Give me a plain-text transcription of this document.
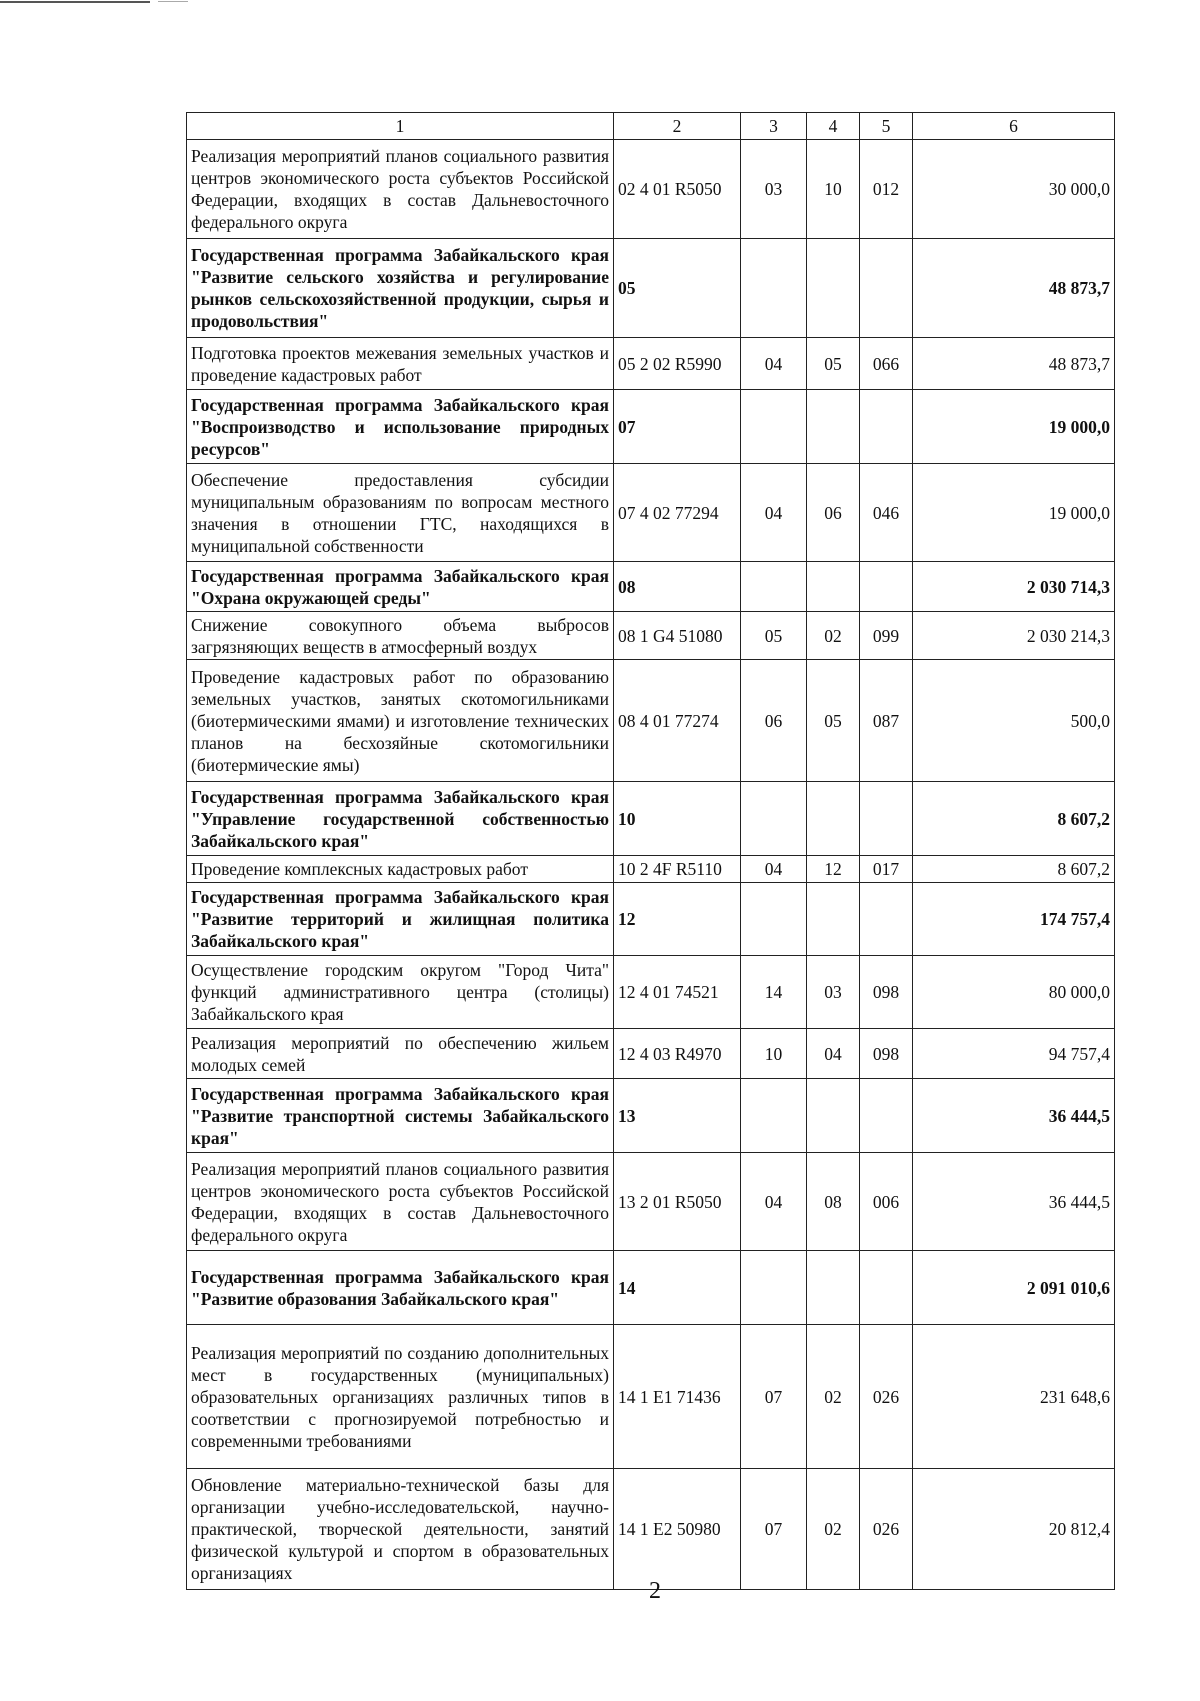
1	2	3	4	5	6
Реализация мероприятий планов социального развития центров экономического роста субъектов Российской Федерации, входящих в состав Дальневосточного федерального округа	02 4 01 R5050	03	10	012	30 000,0
Государственная программа Забайкальского края "Развитие сельского хозяйства и регулирование рынков сельскохозяйственной продукции, сырья и продовольствия"	05				48 873,7
Подготовка проектов межевания земельных участков и проведение кадастровых работ	05 2 02 R5990	04	05	066	48 873,7
Государственная программа Забайкальского края "Воспроизводство и использование природных ресурсов"	07				19 000,0
Обеспечение предоставления субсидии муниципальным образованиям по вопросам местного значения в отношении ГТС, находящихся в муниципальной собственности	07 4 02 77294	04	06	046	19 000,0
Государственная программа Забайкальского края "Охрана окружающей среды"	08				2 030 714,3
Снижение совокупного объема выбросов загрязняющих веществ в атмосферный воздух	08 1 G4 51080	05	02	099	2 030 214,3
Проведение кадастровых работ по образованию земельных участков, занятых скотомогильниками (биотермическими ямами) и изготовление технических планов на бесхозяйные скотомогильники (биотермические ямы)	08 4 01 77274	06	05	087	500,0
Государственная программа Забайкальского края "Управление государственной собственностью Забайкальского края"	10				8 607,2
Проведение комплексных кадастровых работ	10 2 4F R5110	04	12	017	8 607,2
Государственная программа Забайкальского края "Развитие территорий и жилищная политика Забайкальского края"	12				174 757,4
Осуществление городским округом "Город Чита" функций административного центра (столицы) Забайкальского края	12 4 01 74521	14	03	098	80 000,0
Реализация мероприятий по обеспечению жильем молодых семей	12 4 03 R4970	10	04	098	94 757,4
Государственная программа Забайкальского края "Развитие транспортной системы Забайкальского края"	13				36 444,5
Реализация мероприятий планов социального развития центров экономического роста субъектов Российской Федерации, входящих в состав Дальневосточного федерального округа	13 2 01 R5050	04	08	006	36 444,5
Государственная программа Забайкальского края "Развитие образования Забайкальского края"	14				2 091 010,6
Реализация мероприятий по созданию дополнительных мест в государственных (муниципальных) образовательных организациях различных типов в соответствии с прогнозируемой потребностью и современными требованиями	14 1 E1 71436	07	02	026	231 648,6
Обновление материально-технической базы для организации учебно-исследовательской, научно-практической, творческой деятельности, занятий физической культурой и спортом в образовательных организациях	14 1 E2 50980	07	02	026	20 812,4
2
